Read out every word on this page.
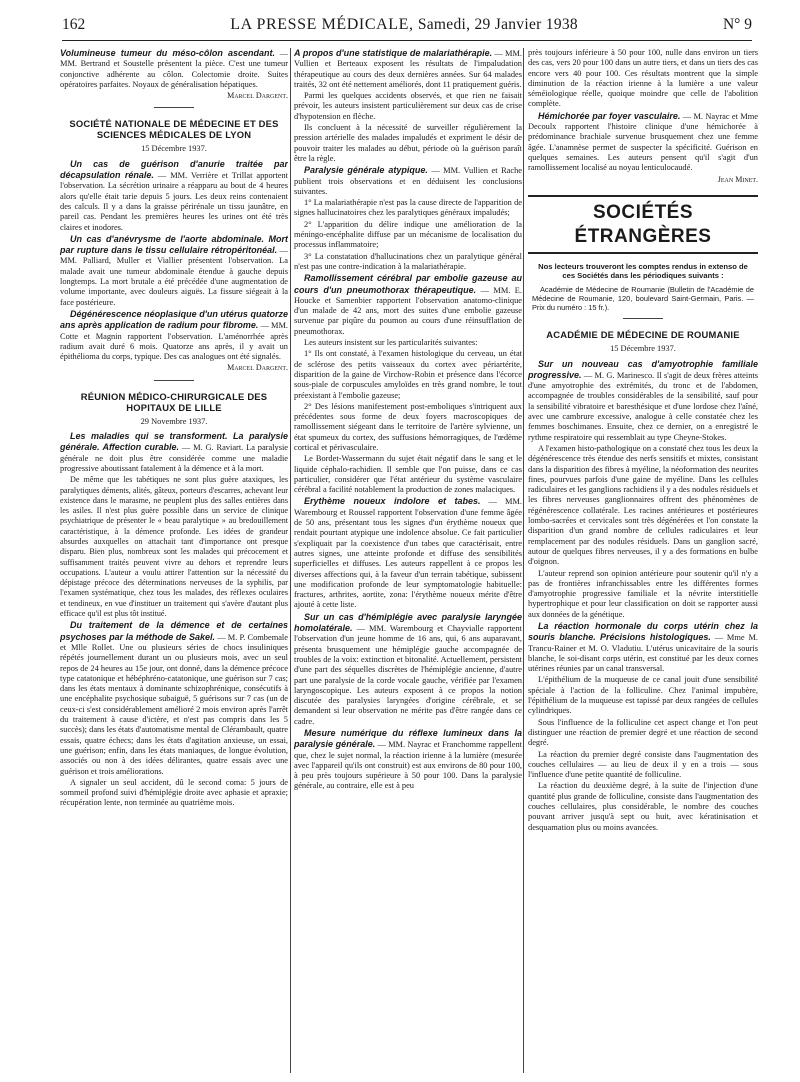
162	LA PRESSE MÉDICALE, Samedi, 29 Janvier 1938	N° 9

Volumineuse tumeur du méso-côlon ascendant. — MM. Bertrand et Soustelle présentent la pièce. C'est une tumeur conjonctive adhérente au côlon. Colectomie droite. Suites opératoires parfaites. Noyaux de généralisation hépatiques.

Marcel Dargent.

SOCIÉTÉ NATIONALE DE MÉDECINE ET DES SCIENCES MÉDICALES DE LYON

15 Décembre 1937.

Un cas de guérison d'anurie traitée par décapsulation rénale. — MM. Verrière et Trillat apportent l'observation. La sécrétion urinaire a réapparu au bout de 4 heures alors qu'elle était tarie depuis 5 jours. Les deux reins contenaient des calculs. Il y a dans la graisse périrénale un tissu jaunâtre, en pareil cas. Pendant les premières heures les urines ont été très claires et inodores.

Un cas d'anévrysme de l'aorte abdominale. Mort par rupture dans le tissu cellulaire rétropéritonéal. — MM. Palliard, Muller et Viallier présentent l'observation. La malade avait une tumeur abdominale étendue à gauche depuis longtemps. La mort brutale a été précédée d'une augmentation de volume importante, avec douleurs aiguës. La fissure siégeait à la face postérieure.

Dégénérescence néoplasique d'un utérus quatorze ans après application de radium pour fibrome. — MM. Cotte et Magnin rapportent l'observation. L'aménorrhée après radium avait duré 6 mois. Quatorze ans après, il y avait un épithélioma du corps, typique. Des cas analogues ont été signalés.

Marcel Dargent.

RÉUNION MÉDICO-CHIRURGICALE DES HOPITAUX DE LILLE

29 Novembre 1937.

Les maladies qui se transforment. La paralysie générale. Affection curable. — M. G. Raviart. La paralysie générale ne doit plus être considérée comme une maladie progressive aboutissant fatalement à la démence et à la mort.

De même que les tabétiques ne sont plus guère ataxiques, les paralytiques déments, alités, gâteux, porteurs d'escarres, achevant leur existence dans le marasme, ne peuplent plus des salles entières dans les asiles. Il n'est plus guère possible dans un service de clinique psychiatrique de présenter le « beau paralytique » au bredouillement caractéristique, à la démence profonde. Les idées de grandeur absurdes auxquelles on attachait tant d'importance ont presque disparu. Bien plus, nombreux sont les malades qui précocement et suffisamment traités peuvent vivre au dehors et reprendre leurs occupations. L'auteur a voulu attirer l'attention sur la nécessité du dépistage précoce des déterminations nerveuses de la syphilis, par l'examen systématique, chez tous les malades, des réflexes oculaires et tendineux, en vue d'instituer un traitement qui s'avère d'autant plus efficace qu'il est plus tôt institué.

Du traitement de la démence et de certaines psychoses par la méthode de Sakel. — M. P. Combemale et Mlle Rollet. Une ou plusieurs séries de chocs insuliniques répétés journellement durant un ou plusieurs mois, avec un seul repos de 24 heures au 15e jour, ont donné, dans la démence précoce type catatonique et hébéphréno-catatonique, une guérison sur 7 cas; dans les états mentaux à dominante schizophrénique, consécutifs à une encéphalite psychosique subaiguë, 5 guérisons sur 7 cas (un de ceux-ci s'est considérablement amélioré 2 mois environ après l'arrêt du traitement à cause d'ictère, et n'est pas compris dans les 5 succès); dans les états d'automatisme mental de Clérambault, quatre essais, quatre échecs; dans les états d'agitation anxieuse, un essai, une guérison; enfin, dans les états maniaques, de longue évolution, associés ou non à des idées délirantes, quatre essais avec une guérison et trois améliorations.

A signaler un seul accident, dû le second coma: 5 jours de sommeil profond suivi d'hémiplégie droite avec aphasie et apraxie; récupération lente, non terminée au quatrième mois.

A propos d'une statistique de malariathérapie. — MM. Vullien et Berteaux exposent les résultats de l'impaludation thérapeutique au cours des deux dernières années. Sur 64 malades traités, 32 ont été nettement améliorés, dont 11 pratiquement guéris.

Parmi les quelques accidents observés, et que rien ne faisait prévoir, les auteurs insistent particulièrement sur deux cas de crise d'hypotension en flèche.

Ils concluent à la nécessité de surveiller régulièrement la pression artérielle des malades impaludés et expriment le désir de pouvoir traiter les malades au début, période où la guérison paraît être la règle.

Paralysie générale atypique. — MM. Vullien et Rache publient trois observations et en déduisent les conclusions suivantes.

1° La malariathérapie n'est pas la cause directe de l'apparition de signes hallucinatoires chez les paralytiques généraux impaludés;

2° L'apparition du délire indique une amélioration de la méningo-encéphalite diffuse par un mécanisme de localisation du processus inflammatoire;

3° La constatation d'hallucinations chez un paralytique général n'est pas une contre-indication à la malariathérapie.

Ramollissement cérébral par embolie gazeuse au cours d'un pneumothorax thérapeutique. — MM. E. Houcke et Samenbier rapportent l'observation anatomo-clinique d'un malade de 42 ans, mort des suites d'une embolie gazeuse survenue par piqûre du poumon au cours d'une réinsufflation de pneumothorax.

Les auteurs insistent sur les particularités suivantes:

1° Ils ont constaté, à l'examen histologique du cerveau, un état de sclérose des petits vaisseaux du cortex avec périartérite, disparition de la gaine de Virchow-Robin et présence dans l'écorce sous-piale de corpuscules amyloïdes en très grand nombre, le tout préexistant à l'embolie gazeuse;

2° Des lésions manifestement post-emboliques s'intriquent aux précédentes sous forme de deux foyers macroscopiques de ramollissement siégeant dans le territoire de l'artère sylvienne, un état spumeux du cortex, des suffusions hémorragiques, de l'œdème cortical et périvasculaire.

Le Bordet-Wassermann du sujet était négatif dans le sang et le liquide céphalo-rachidien. Il semble que l'on puisse, dans ce cas particulier, considérer que l'état antérieur du système vasculaire cérébral a facilité notablement la production de zones malaciques.

Erythème noueux indolore et tabes. — MM. Warembourg et Roussel rapportent l'observation d'une femme âgée de 50 ans, présentant tous les signes d'un érythème noueux que rendait pourtant atypique une indolence absolue. Ce fait particulier s'expliquait par la coexistence d'un tabes que caractérisait, entre autres signes, une atteinte profonde et diffuse des sensibilités superficielles et diffuses. Les auteurs rappellent à ce propos les diverses affections qui, à la faveur d'un terrain tabétique, subissent une modification profonde de leur symptomatologie habituelle: fractures, arthrites, aortite, zona: l'érythème noueux mérite d'être ajouté à cette liste.

Sur un cas d'hémiplégie avec paralysie laryngée homolatérale. — MM. Warembourg et Chayvialle rapportent l'observation d'un jeune homme de 16 ans, qui, 6 ans auparavant, présenta brusquement une hémiplégie gauche accompagnée de troubles de la voix: extinction et bitonalité. Actuellement, persistent d'une part des séquelles discrètes de l'hémiplégie ancienne, d'autre part une paralysie de la corde vocale gauche, vérifiée par l'examen laryngoscopique. Les auteurs exposent à ce propos la notion discutée des paralysies laryngées d'origine cérébrale, et se demandent si leur observation ne mérite pas d'être rangée dans ce cadre.

Mesure numérique du réflexe lumineux dans la paralysie générale. — MM. Nayrac et Franchomme rappellent que, chez le sujet normal, la réaction irienne à la lumière (mesurée avec l'appareil qu'ils ont construit) est aux environs de 80 pour 100, à peu près toujours supérieure à 50 pour 100. Dans la paralysie générale, au contraire, elle est à peu

près toujours inférieure à 50 pour 100, nulle dans environ un tiers des cas, vers 20 pour 100 dans un autre tiers, et dans un tiers des cas encore vers 40 pour 100. Ces résultats montrent que la simple diminution de la réaction irienne à la lumière a une valeur séméiologique réelle, quoique moindre que celle de l'abolition complète.

Hémichorée par foyer vasculaire. — M. Nayrac et Mme Decoulx rapportent l'histoire clinique d'une hémichorée à prédominance brachiale survenue brusquement chez une femme âgée. L'anamnèse permet de suspecter la spécificité. Guérison en quelques semaines. Les auteurs pensent qu'il s'agit d'un ramollissement localisé au noyau lenticulocaudé.

Jean Minet.

SOCIÉTÉS ÉTRANGÈRES

Nos lecteurs trouveront les comptes rendus in extenso de ces Sociétés dans les périodiques suivants :

Académie de Médecine de Roumanie (Bulletin de l'Académie de Médecine de Roumanie, 120, boulevard Saint-Germain, Paris. — Prix du numéro : 15 fr.).

ACADÉMIE DE MÉDECINE DE ROUMANIE

15 Décembre 1937.

Sur un nouveau cas d'amyotrophie familiale progressive. — M. G. Marinesco. Il s'agit de deux frères atteints d'une amyotrophie des extrémités, du tronc et de l'abdomen, accompagnée de troubles considérables de la sensibilité, sauf pour la sensibilité vibratoire et baresthésique et d'une lordose chez l'aîné, avec une cambrure excessive, analogue à celle constatée chez les femmes boschimanes. Ensuite, chez ce dernier, on a enregistré le rythme respiratoire qui ressemblait au type Cheyne-Stokes.

A l'examen histo-pathologique on a constaté chez tous les deux la dégénérescence très étendue des nerfs sensitifs et mixtes, consistant dans la disparition des fibres à myéline, la néoformation des neurites fines, pourvues parfois d'une gaine de myéline. Dans les cellules radiculaires et les ganglions rachidiens il y a des nodules résiduels et les fibres nerveuses ganglionnaires offrent des phénomènes de régénérescence collatérale. Les racines antérieures et postérieures lombo-sacrées et cervicales sont très dégénérées et l'on constate la disparition d'un grand nombre de cellules radiculaires et leur remplacement par des nodules résiduels. Dans un ganglion sacré, autour de quelques fibres nerveuses, il y a des formations en bulbe d'oignon.

L'auteur reprend son opinion antérieure pour soutenir qu'il n'y a pas de frontières infranchissables entre les différentes formes d'amyotrophie progressive familiale et la névrite interstitielle hypertrophique et pour leur classification on doit se rapporter aussi aux données de la génétique.

La réaction hormonale du corps utérin chez la souris blanche. Précisions histologiques. — Mme M. Trancu-Rainer et M. O. Vladutiu. L'utérus unicavitaire de la souris blanche, le soi-disant corps utérin, est constitué par les deux cornes utérines réunies par un canal transversal.

L'épithélium de la muqueuse de ce canal jouit d'une sensibilité spéciale à l'action de la folliculine. Chez l'animal impubère, l'épithélium de la muqueuse est tapissé par deux rangées de cellules cylindriques.

Sous l'influence de la folliculine cet aspect change et l'on peut distinguer une réaction de premier degré et une réaction de second degré.

La réaction du premier degré consiste dans l'augmentation des couches cellulaires — au lieu de deux il y en a trois — sous l'influence d'une petite quantité de folliculine.

La réaction du deuxième degré, à la suite de l'injection d'une quantité plus grande de folliculine, consiste dans l'augmentation des couches cellulaires, plus considérable, le nombre des couches pouvant arriver jusqu'à sept ou huit, avec kératinisation et desquamation plus ou moins avancées.
